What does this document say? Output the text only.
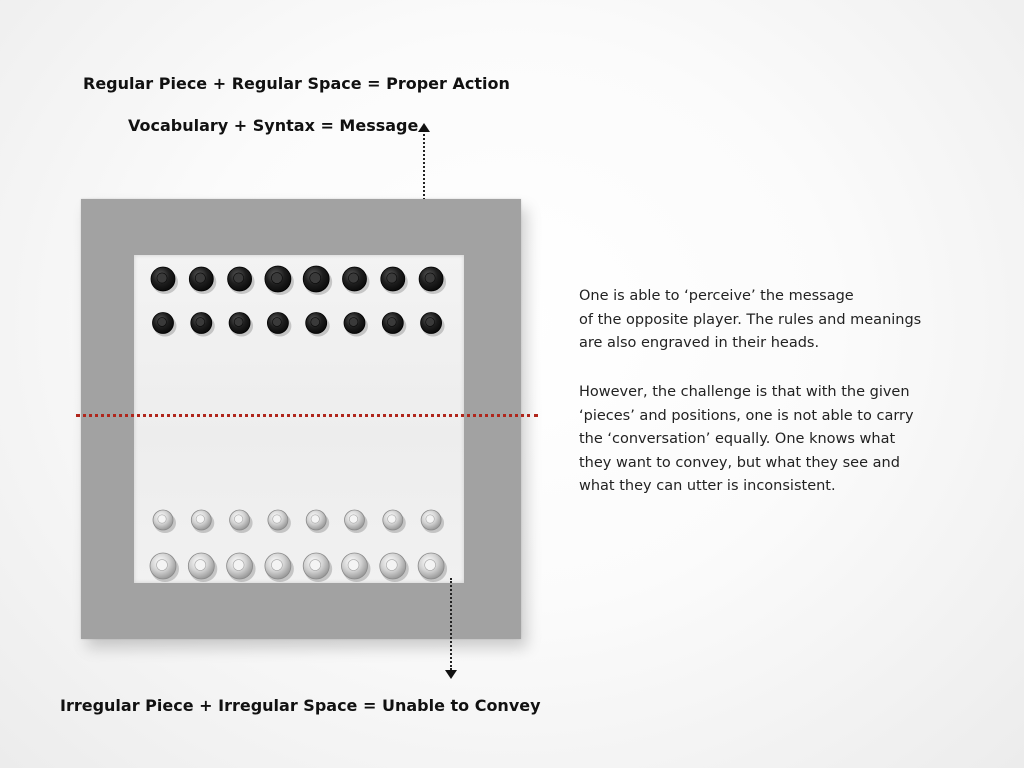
Regular Piece + Regular Space = Proper Action
Vocabulary + Syntax = Message
Irregular Piece + Irregular Space = Unable to Convey

One is able to ‘perceive’ the message
of the opposite player. The rules and meanings
are also engraved in their heads.

However, the challenge is that with the given
‘pieces’ and positions, one is not able to carry
the ‘conversation’ equally. One knows what
they want to convey, but what they see and
what they can utter is inconsistent.
